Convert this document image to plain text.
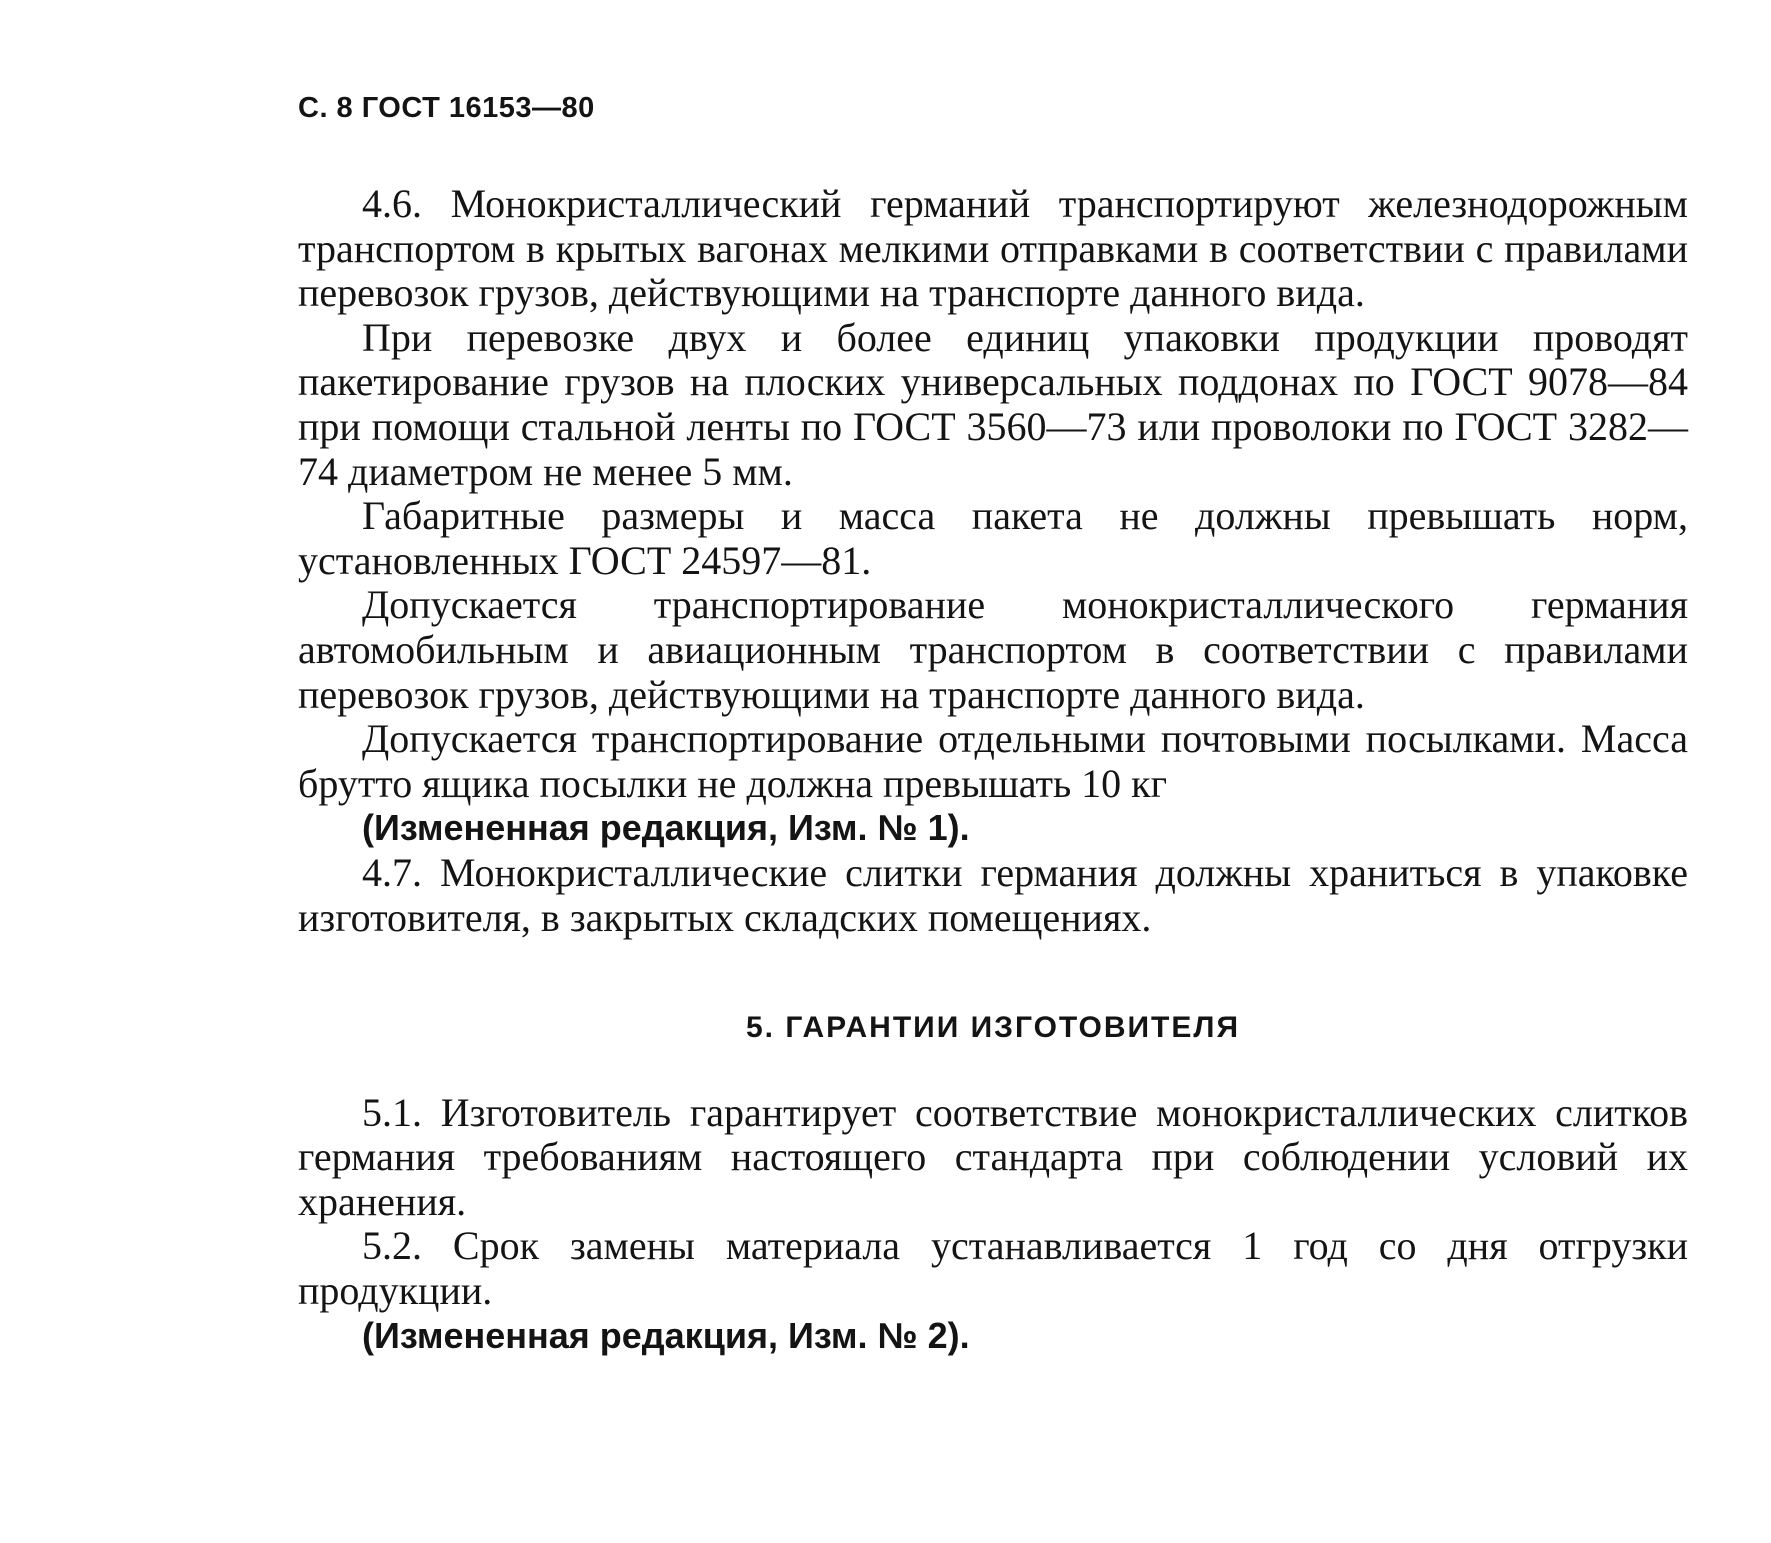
С. 8 ГОСТ 16153—80

4.6. Монокристаллический германий транспортируют железнодорожным транспортом в крытых вагонах мелкими отправками в соответствии с правилами перевозок грузов, действующими на транспорте данного вида.

При перевозке двух и более единиц упаковки продукции проводят пакетирование грузов на плоских универсальных поддонах по ГОСТ 9078—84 при помощи стальной ленты по ГОСТ 3560—73 или проволоки по ГОСТ 3282—74 диаметром не менее 5 мм.

Габаритные размеры и масса пакета не должны превышать норм, установленных ГОСТ 24597—81.

Допускается транспортирование монокристаллического германия автомобильным и авиационным транспортом в соответствии с правилами перевозок грузов, действующими на транспорте данного вида.

Допускается транспортирование отдельными почтовыми посылками. Масса брутто ящика посылки не должна превышать 10 кг

(Измененная редакция, Изм. № 1).

4.7. Монокристаллические слитки германия должны храниться в упаковке изготовителя, в закрытых складских помещениях.

5. ГАРАНТИИ ИЗГОТОВИТЕЛЯ

5.1. Изготовитель гарантирует соответствие монокристаллических слитков германия требованиям настоящего стандарта при соблюдении условий их хранения.

5.2. Срок замены материала устанавливается 1 год со дня отгрузки продукции.

(Измененная редакция, Изм. № 2).
